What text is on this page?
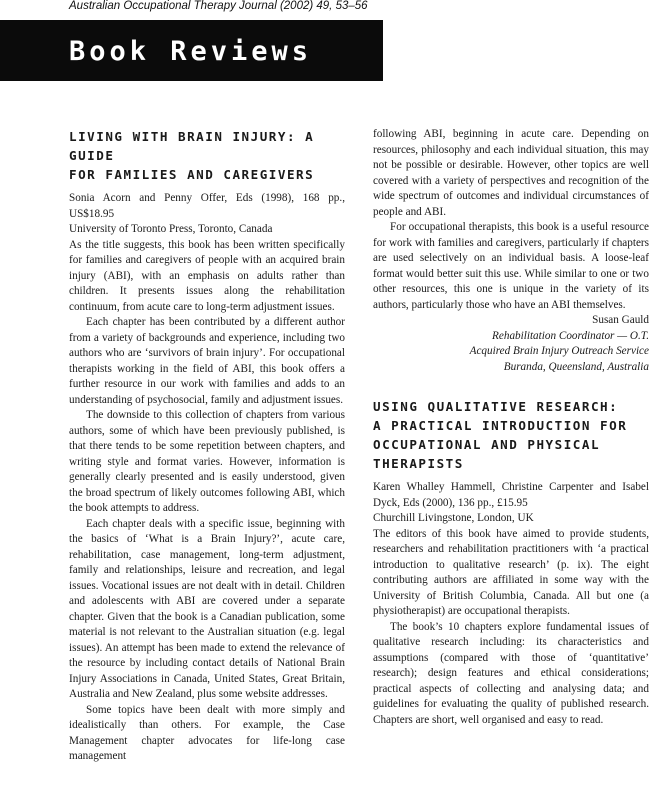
Australian Occupational Therapy Journal (2002) 49, 53–56
Book Reviews
LIVING WITH BRAIN INJURY: A GUIDE
FOR FAMILIES AND CAREGIVERS

Sonia Acorn and Penny Offer, Eds (1998), 168 pp., US$18.95

University of Toronto Press, Toronto, Canada

As the title suggests, this book has been written specifically for families and caregivers of people with an acquired brain injury (ABI), with an emphasis on adults rather than children. It presents issues along the rehabilitation continuum, from acute care to long-term adjustment issues.

Each chapter has been contributed by a different author from a variety of backgrounds and experience, including two authors who are ‘survivors of brain injury’. For occupational therapists working in the field of ABI, this book offers a further resource in our work with families and adds to an understanding of psychosocial, family and adjustment issues.

The downside to this collection of chapters from various authors, some of which have been previously published, is that there tends to be some repetition between chapters, and writing style and format varies. However, information is generally clearly presented and is easily understood, given the broad spectrum of likely outcomes following ABI, which the book attempts to address.

Each chapter deals with a specific issue, beginning with the basics of ‘What is a Brain Injury?’, acute care, rehabilitation, case management, long-term adjustment, family and relationships, leisure and recreation, and legal issues. Vocational issues are not dealt with in detail. Children and adolescents with ABI are covered under a separate chapter. Given that the book is a Canadian publication, some material is not relevant to the Australian situation (e.g. legal issues). An attempt has been made to extend the relevance of the resource by including contact details of National Brain Injury Associations in Canada, United States, Great Britain, Australia and New Zealand, plus some website addresses.

Some topics have been dealt with more simply and idealistically than others. For example, the Case Management chapter advocates for life-long case management

following ABI, beginning in acute care. Depending on resources, philosophy and each individual situation, this may not be possible or desirable. However, other topics are well covered with a variety of perspectives and recognition of the wide spectrum of outcomes and individual circumstances of people and ABI.

For occupational therapists, this book is a useful resource for work with families and caregivers, particularly if chapters are used selectively on an individual basis. A loose-leaf format would better suit this use. While similar to one or two other resources, this one is unique in the variety of its authors, particularly those who have an ABI themselves.

Susan Gauld
Rehabilitation Coordinator — O.T.
Acquired Brain Injury Outreach Service
Buranda, Queensland, Australia
USING QUALITATIVE RESEARCH:
A PRACTICAL INTRODUCTION FOR
OCCUPATIONAL AND PHYSICAL
THERAPISTS

Karen Whalley Hammell, Christine Carpenter and Isabel Dyck, Eds (2000), 136 pp., £15.95

Churchill Livingstone, London, UK

The editors of this book have aimed to provide students, researchers and rehabilitation practitioners with ‘a practical introduction to qualitative research’ (p. ix). The eight contributing authors are affiliated in some way with the University of British Columbia, Canada. All but one (a physiotherapist) are occupational therapists.

The book’s 10 chapters explore fundamental issues of qualitative research including: its characteristics and assumptions (compared with those of ‘quantitative’ research); design features and ethical considerations; practical aspects of collecting and analysing data; and guidelines for evaluating the quality of published research. Chapters are short, well organised and easy to read.
